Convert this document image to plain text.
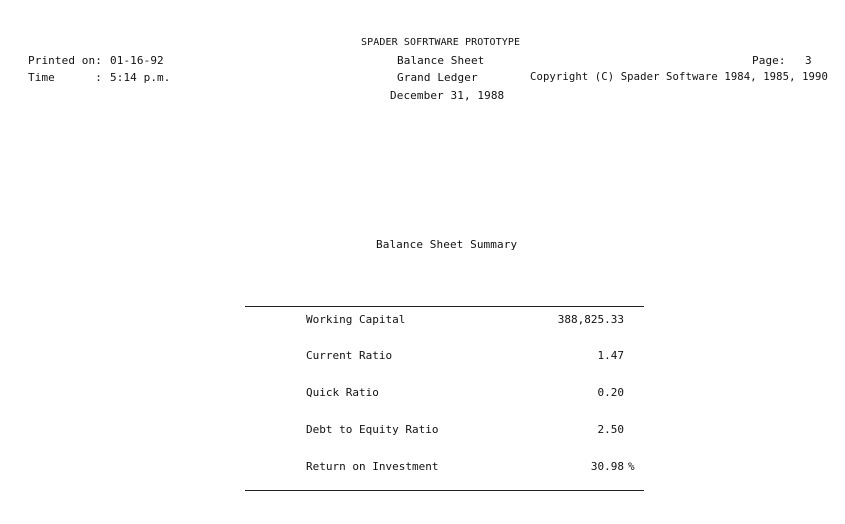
SPADER SOFRTWARE PROTOTYPE
Printed on: 01-16-92	Balance Sheet	Page: 3
Time      : 5:14 p.m.	Grand Ledger	Copyright (C) Spader Software 1984, 1985, 1990
December 31, 1988
Balance Sheet Summary
Working Capital	388,825.33
Current Ratio	1.47
Quick Ratio	0.20
Debt to Equity Ratio	2.50
Return on Investment	30.98 %
